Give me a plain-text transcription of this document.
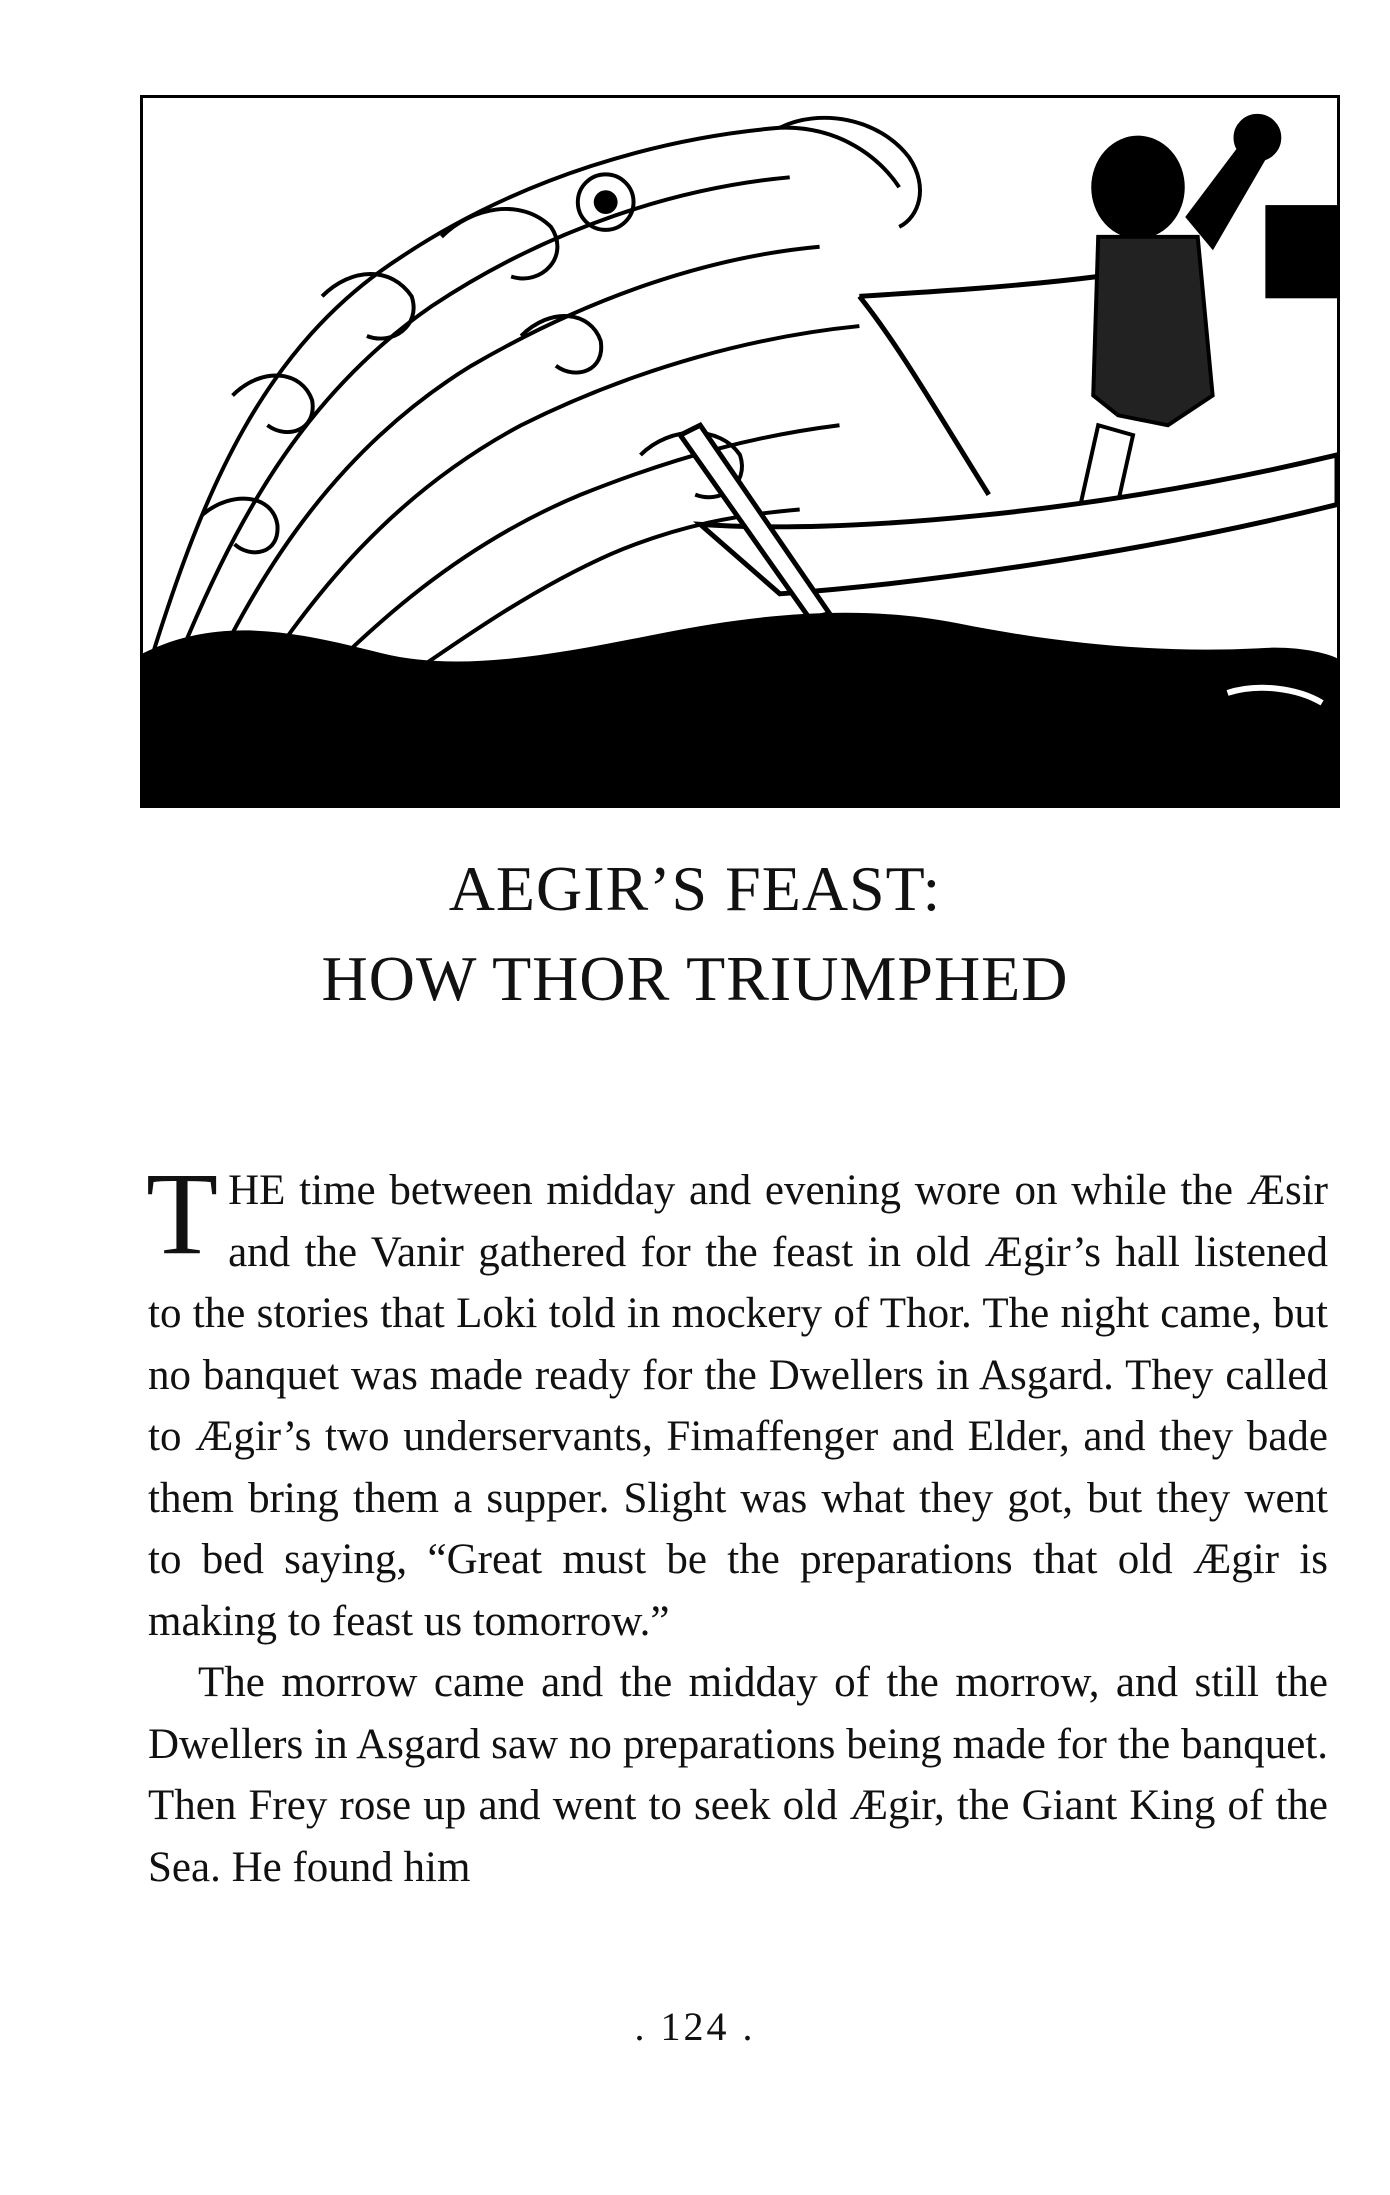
AEGIR’S FEAST:
HOW THOR TRIUMPHED

THE time between midday and evening wore on while the Æsir and the Vanir gathered for the feast in old Ægir’s hall listened to the stories that Loki told in mockery of Thor. The night came, but no banquet was made ready for the Dwellers in Asgard. They called to Ægir’s two underservants, Fimaffenger and Elder, and they bade them bring them a supper. Slight was what they got, but they went to bed saying, “Great must be the preparations that old Ægir is making to feast us tomorrow.”

The morrow came and the midday of the morrow, and still the Dwellers in Asgard saw no preparations being made for the banquet. Then Frey rose up and went to seek old Ægir, the Giant King of the Sea. He found him

. 124 .
